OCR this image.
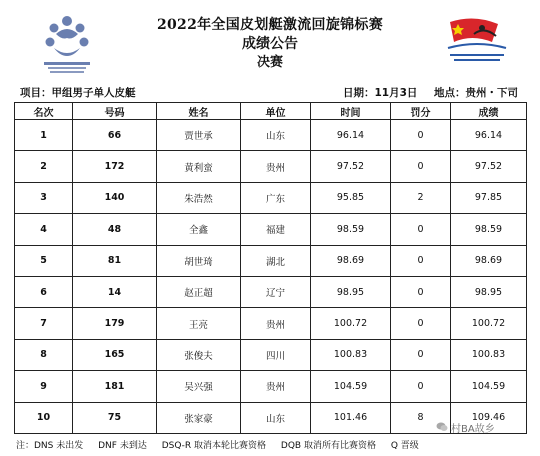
2022年全国皮划艇激流回旋锦标赛
成绩公告
决赛
项目：甲组男子单人皮艇	日期：11月3日 地点：贵州・下司
名次	号码	姓名	单位	时间	罚分	成绩
1	66	贾世承	山东	96.14	0	96.14
2	172	黄利蛮	贵州	97.52	0	97.52
3	140	朱浩然	广东	95.85	2	97.85
4	48	全鑫	福建	98.59	0	98.59
5	81	胡世琦	湖北	98.69	0	98.69
6	14	赵正超	辽宁	98.95	0	98.95
7	179	王亮	贵州	100.72	0	100.72
8	165	张俊夫	四川	100.83	0	100.83
9	181	吴兴强	贵州	104.59	0	104.59
10	75	张家豪	山东	101.46	8	109.46
注：DNS 未出发 DNF 未到达 DSQ-R 取消本轮比赛资格 DQB 取消所有比赛资格 Q 晋级
村BA故乡
